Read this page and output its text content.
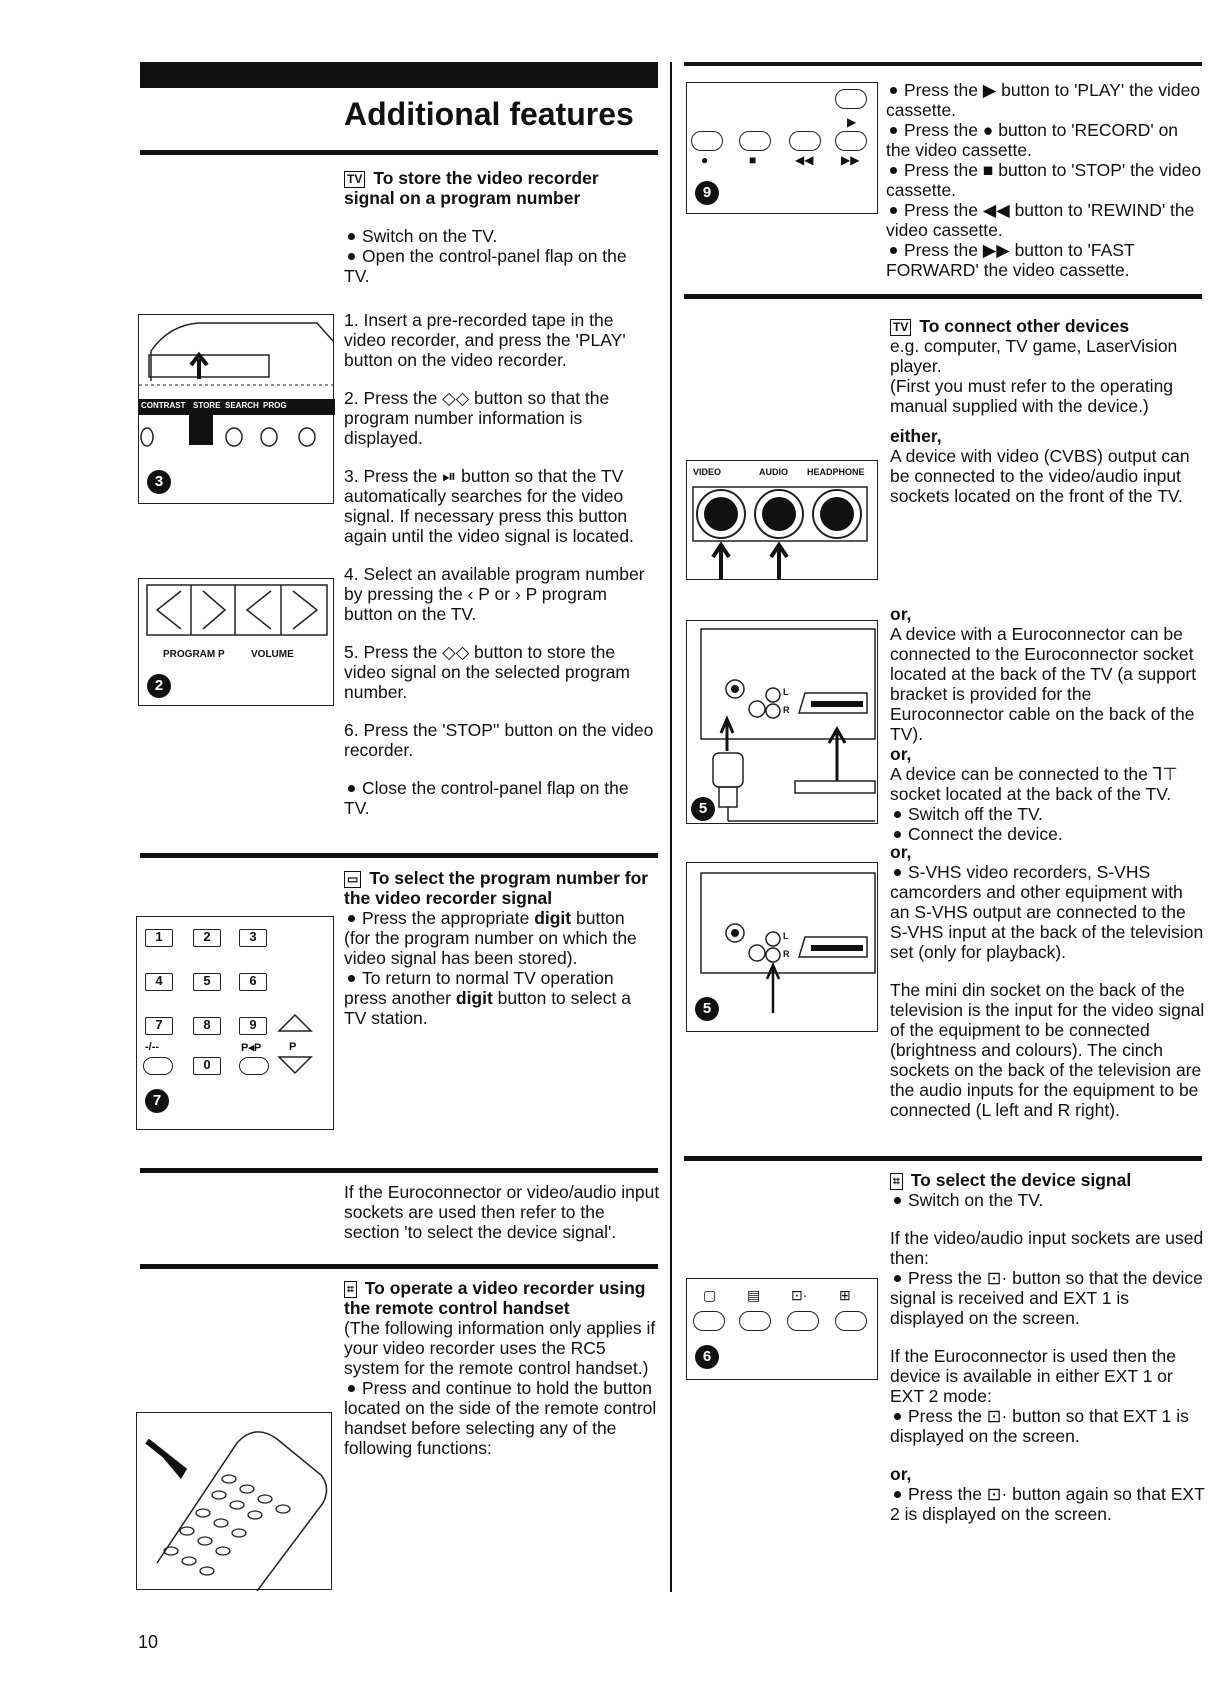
Additional features

TV To store the video recorder signal on a program number

Switch on the TV.

Open the control-panel flap on the TV.

1. Insert a pre-recorded tape in the video recorder, and press the 'PLAY' button on the video recorder.

2. Press the ◇◇ button so that the program number information is displayed.

3. Press the ⏯ button so that the TV automatically searches for the video signal. If necessary press this button again until the video signal is located.

4. Select an available program number by pressing the ‹ P or › P program button on the TV.

5. Press the ◇◇ button to store the video signal on the selected program number.

6. Press the 'STOP'' button on the video recorder.

Close the control-panel flap on the TV.

CONTRAST STORE SEARCH PROG
3
PROGRAM P	VOLUME
2

▭ To select the program number for the video recorder signal

Press the appropriate digit button (for the program number on which the video signal has been stored).

To return to normal TV operation press another digit button to select a TV station.

1	2	3
4	5	6
7	8	9
-/--	P◂P	P
0
7
If the Euroconnector or video/audio input sockets are used then refer to the section 'to select the device signal'.

⌗ To operate a video recorder using the remote control handset

(The following information only applies if your video recorder uses the RC5 system for the remote control handset.)

Press and continue to hold the button located on the side of the remote control handset before selecting any of the following functions:

10
▶
●	■	◀◀ ▶▶
9

Press the ▶ button to 'PLAY' the video cassette.

Press the ● button to 'RECORD' on the video cassette.

Press the ■ button to 'STOP' the video cassette.

Press the ◀◀ button to 'REWIND' the video cassette.

Press the ▶▶ button to 'FAST FORWARD' the video cassette.

TV To connect other devices

e.g. computer, TV game, LaserVision player.

(First you must refer to the operating manual supplied with the device.)

either,

A device with video (CVBS) output can be connected to the video/audio input sockets located on the front of the TV.

VIDEO	AUDIO HEADPHONE

or,

A device with a Euroconnector can be connected to the Euroconnector socket located at the back of the TV (a support bracket is provided for the Euroconnector cable on the back of the TV).

or,

A device can be connected to the ⅂⊤ socket located at the back of the TV.

Switch off the TV.

Connect the device.

L
R
5

or,

S-VHS video recorders, S-VHS camcorders and other equipment with an S-VHS output are connected to the S-VHS input at the back of the television set (only for playback).

The mini din socket on the back of the television is the input for the video signal of the equipment to be connected (brightness and colours). The cinch sockets on the back of the television are the audio inputs for the equipment to be connected (L left and R right).

L
R
5

⌗ To select the device signal

Switch on the TV.

If the video/audio input sockets are used then:

Press the ⊡· button so that the device signal is received and EXT 1 is displayed on the screen.

If the Euroconnector is used then the device is available in either EXT 1 or EXT 2 mode:

Press the ⊡· button so that EXT 1 is displayed on the screen.

or,

Press the ⊡· button again so that EXT 2 is displayed on the screen.

▢ ▤ ⊡· ⊞
6
